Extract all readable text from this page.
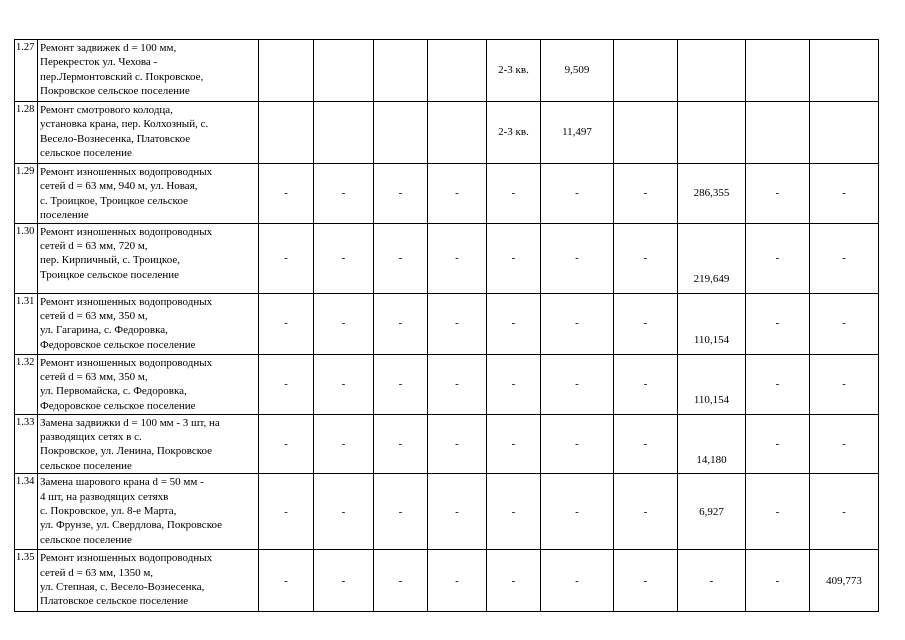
1.27	Ремонт задвижек d = 100 мм,
Перекресток ул. Чехова -
пер.Лермонтовский с. Покровское,
Покровское сельское поселение					2-3 кв.	9,509				
1.28	Ремонт смотрового колодца,
установка крана, пер. Колхозный, с.
Весело-Вознесенка, Платовское
сельское поселение					2-3 кв.	11,497				
1.29	Ремонт изношенных водопроводных
сетей d = 63 мм, 940 м, ул. Новая,
с. Троицкое, Троицкое сельское
поселение	-	-	-	-	-	-	-	286,355	-	-
1.30	Ремонт изношенных водопроводных
сетей d = 63 мм, 720 м,
пер. Кирпичный, с. Троицкое,
Троицкое сельское поселение	-	-	-	-	-	-	-	219,649	-	-
1.31	Ремонт изношенных водопроводных
сетей d = 63 мм, 350 м,
ул. Гагарина, с. Федоровка,
Федоровское сельское поселение	-	-	-	-	-	-	-	110,154	-	-
1.32	Ремонт изношенных водопроводных
сетей d = 63 мм, 350 м,
ул. Первомайска, с. Федоровка,
Федоровское сельское поселение	-	-	-	-	-	-	-	110,154	-	-
1.33	Замена задвижки d = 100 мм - 3 шт, на
разводящих сетях в с.
Покровское, ул. Ленина, Покровское
сельское поселение	-	-	-	-	-	-	-	14,180	-	-
1.34	Замена шарового крана d = 50 мм -
4 шт, на разводящих сетяхв
с. Покровское, ул. 8-е Марта,
ул. Фрунзе, ул. Свердлова, Покровское
сельское поселение	-	-	-	-	-	-	-	6,927	-	-
1.35	Ремонт изношенных водопроводных
сетей d = 63 мм, 1350 м,
ул. Степная, с. Весело-Вознесенка,
Платовское сельское поселение	-	-	-	-	-	-	-	-	-	409,773
